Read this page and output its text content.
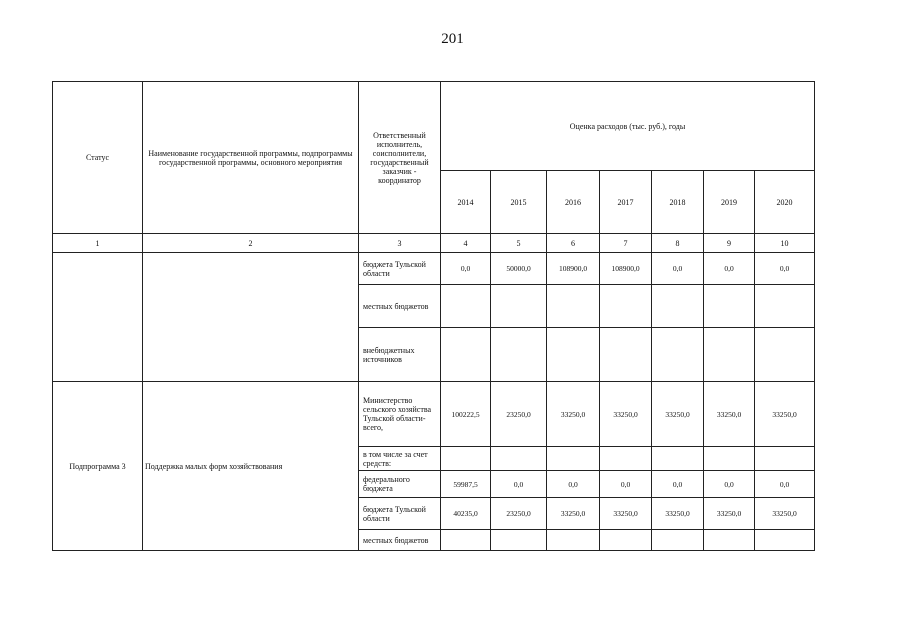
201
Статус	Наименование государственной программы, подпрограммы государственной программы, основного мероприятия	Ответственный исполнитель, соисполнители, государственный заказчик - координатор	Оценка расходов (тыс. руб.), годы						
			2014	2015	2016	2017	2018	2019	2020
1	2	3	4	5	6	7	8	9	10
		бюджета Тульской области	0,0	50000,0	108900,0	108900,0	0,0	0,0	0,0
		местных бюджетов							
		внебюджетных источников							
Подпрограмма 3	Поддержка малых форм хозяйствования	Министерство сельского хозяйства Тульской области- всего,	100222,5	23250,0	33250,0	33250,0	33250,0	33250,0	33250,0
		в том числе за счет средств:							
		федерального бюджета	59987,5	0,0	0,0	0,0	0,0	0,0	0,0
		бюджета Тульской области	40235,0	23250,0	33250,0	33250,0	33250,0	33250,0	33250,0
		местных бюджетов							
